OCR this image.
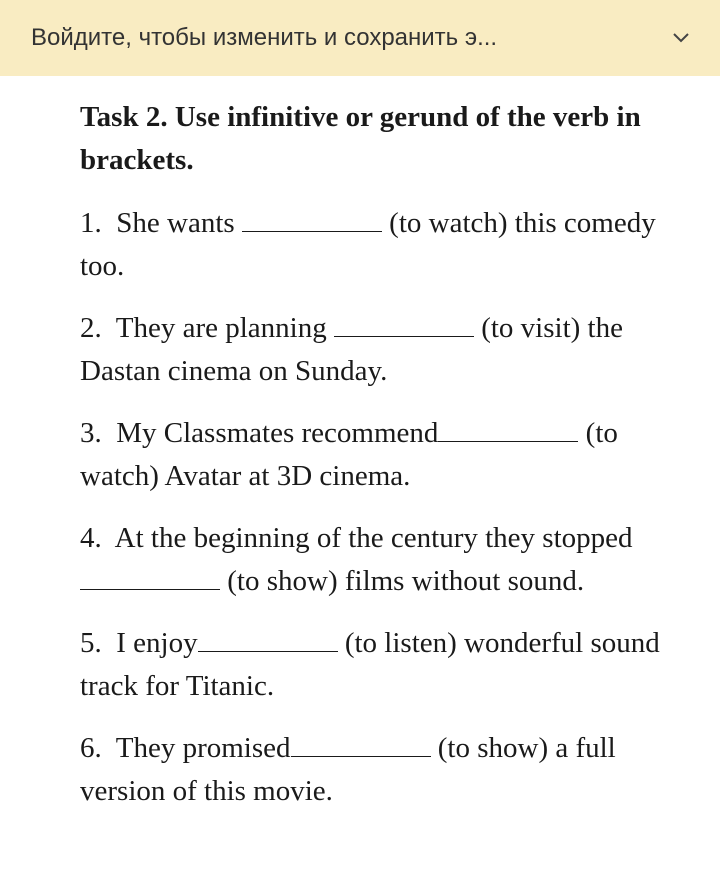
Войдите, чтобы изменить и сохранить э...
Task 2. Use infinitive or gerund of the verb in brackets.
1. She wants	(to watch) this comedy too.
2. They are planning	(to visit) the Dastan cinema on Sunday.
3. My Classmates recommend	(to watch) Avatar at 3D cinema.
4. At the beginning of the century they stopped  (to show) films without sound.
5. I enjoy	(to listen) wonderful sound track for Titanic.
6. They promised	(to show) a full version of this movie.
